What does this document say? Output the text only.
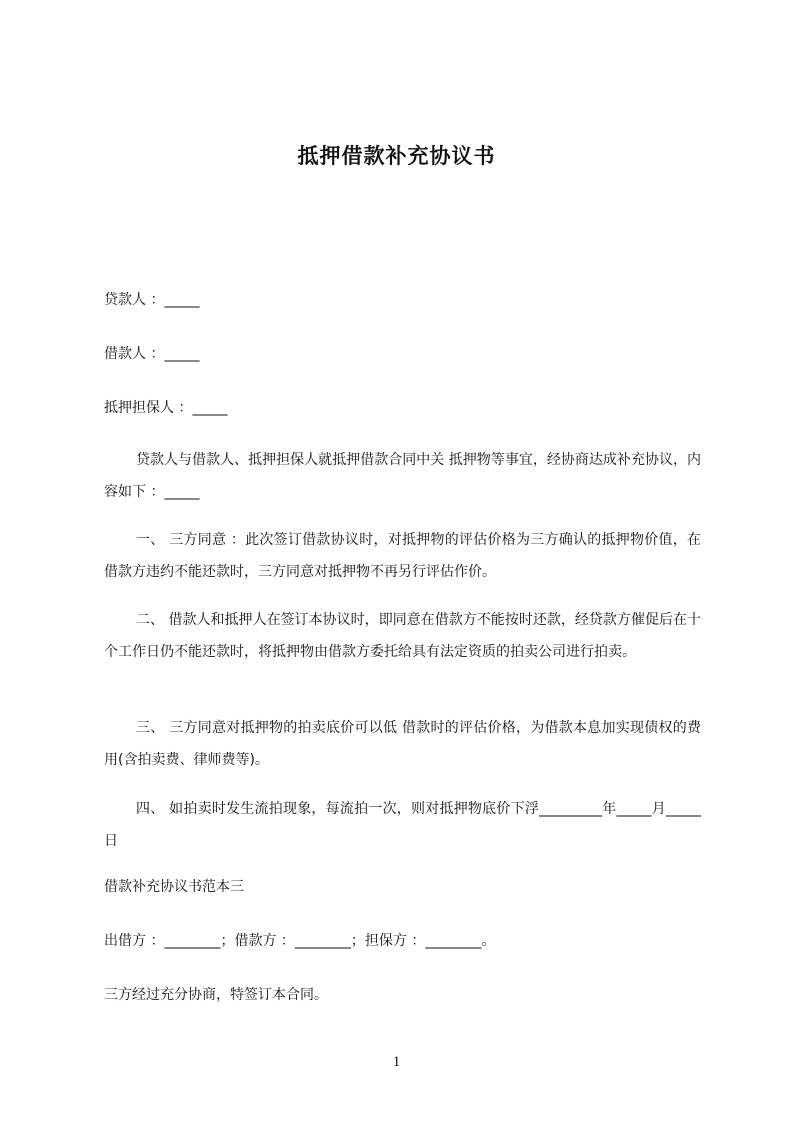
抵押借款补充协议书
贷款人 ：_____
借款人 ：_____
抵押担保人 ：_____
贷款人与借款人、抵押担保人就抵押借款合同中关 抵押物等事宜，经协商达成补充协议，内容如下 ：_____
一、 三方同意 ：此次签订借款协议时，对抵押物的评估价格为三方确认的抵押物价值，在借款方违约不能还款时，三方同意对抵押物不再另行评估作价。
二、 借款人和抵押人在签订本协议时，即同意在借款方不能按时还款，经贷款方催促后在十个工作日仍不能还款时，将抵押物由借款方委托给具有法定资质的拍卖公司进行拍卖。
三、 三方同意对抵押物的拍卖底价可以低 借款时的评估价格，为借款本息加实现债权的费用(含拍卖费、律师费等)。
四、 如拍卖时发生流拍现象，每流拍一次，则对抵押物底价下浮_________年_____月_____日
借款补充协议书范本三
出借方 ：________；借款方 ：________；担保方 ：________。
三方经过充分协商，特签订本合同。
1
